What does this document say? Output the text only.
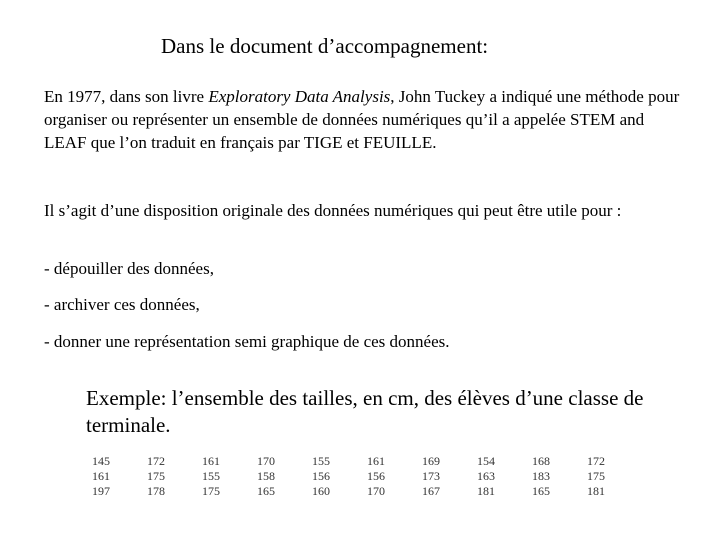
Dans le document d’accompagnement:
En 1977, dans son livre Exploratory Data Analysis, John Tuckey a indiqué une méthode pour organiser ou représenter un ensemble de données numériques qu’il a appelée STEM and LEAF que l’on traduit en français par TIGE et FEUILLE.
Il s’agit d’une disposition originale des données numériques qui peut être utile pour :
- dépouiller des données,
- archiver ces données,
- donner une représentation semi graphique de ces données.
Exemple: l’ensemble des tailles, en cm, des élèves d’une classe de terminale.
145	172	161	170	155	161	169	154	168	172
161	175	155	158	156	156	173	163	183	175
197	178	175	165	160	170	167	181	165	181
